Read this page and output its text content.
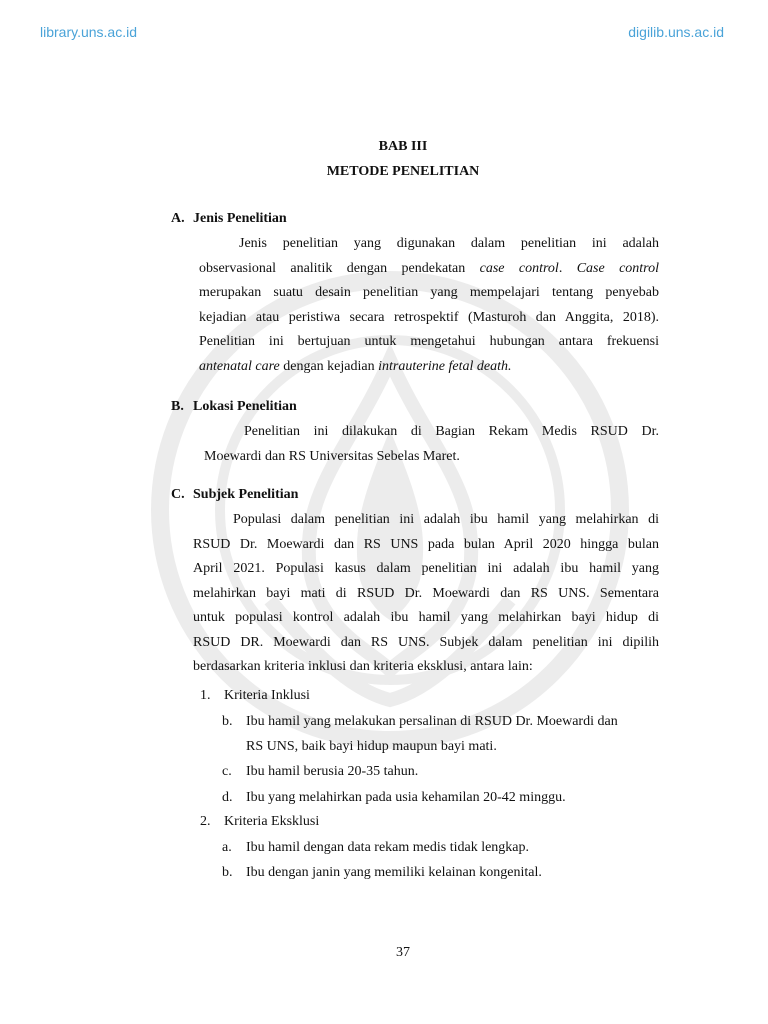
library.uns.ac.id	digilib.uns.ac.id
BAB III
METODE PENELITIAN
A. Jenis Penelitian
Jenis penelitian yang digunakan dalam penelitian ini adalah
observasional analitik dengan pendekatan case control. Case control
merupakan suatu desain penelitian yang mempelajari tentang penyebab
kejadian atau peristiwa secara retrospektif (Masturoh dan Anggita, 2018).
Penelitian ini bertujuan untuk mengetahui hubungan antara frekuensi
antenatal care dengan kejadian intrauterine fetal death.
B. Lokasi Penelitian
Penelitian ini dilakukan di Bagian Rekam Medis RSUD Dr.
Moewardi dan RS Universitas Sebelas Maret.
C. Subjek Penelitian
Populasi dalam penelitian ini adalah ibu hamil yang melahirkan di
RSUD Dr. Moewardi dan RS UNS pada bulan April 2020 hingga bulan
April 2021. Populasi kasus dalam penelitian ini adalah ibu hamil yang
melahirkan bayi mati di RSUD Dr. Moewardi dan RS UNS. Sementara
untuk populasi kontrol adalah ibu hamil yang melahirkan bayi hidup di
RSUD DR. Moewardi dan RS UNS. Subjek dalam penelitian ini dipilih
berdasarkan kriteria inklusi dan kriteria eksklusi, antara lain:
1. Kriteria Inklusi
b. Ibu hamil yang melakukan persalinan di RSUD Dr. Moewardi dan
RS UNS, baik bayi hidup maupun bayi mati.
c. Ibu hamil berusia 20-35 tahun.
d. Ibu yang melahirkan pada usia kehamilan 20-42 minggu.
2. Kriteria Eksklusi
a. Ibu hamil dengan data rekam medis tidak lengkap.
b. Ibu dengan janin yang memiliki kelainan kongenital.
37
